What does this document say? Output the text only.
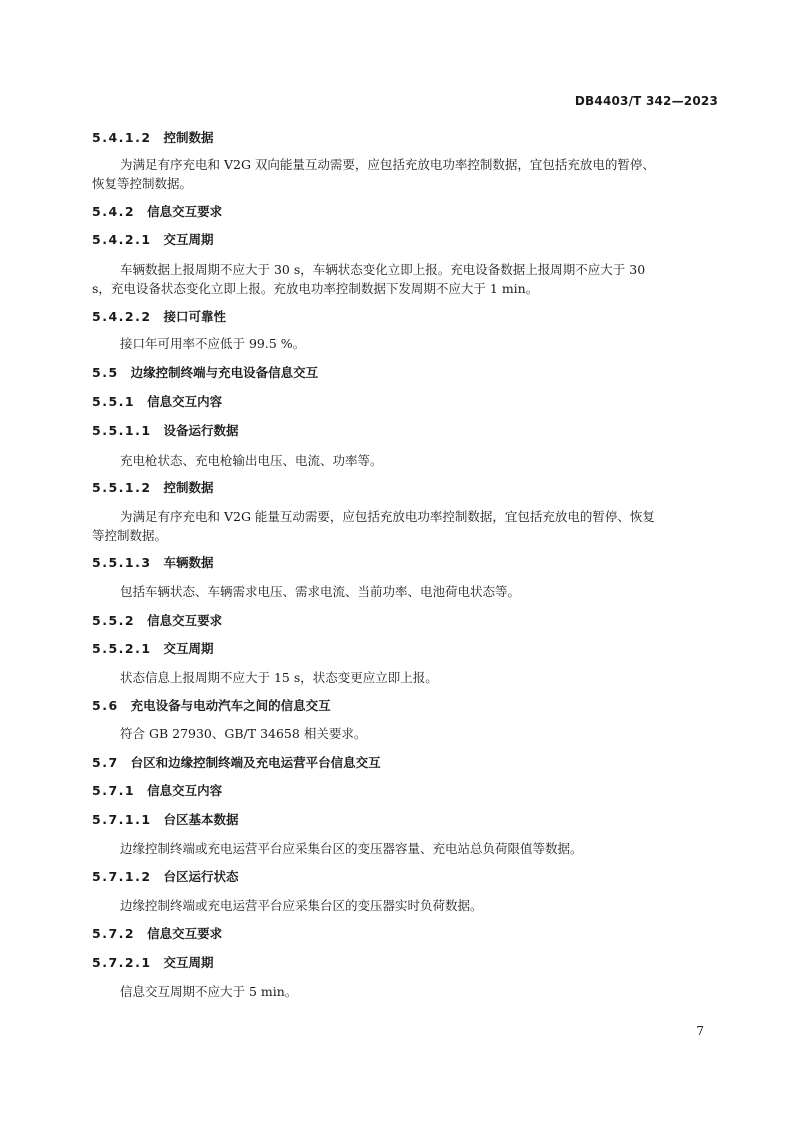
DB4403/T 342—2023
5.4.1.2 控制数据
为满足有序充电和 V2G 双向能量互动需要，应包括充放电功率控制数据，宜包括充放电的暂停、
恢复等控制数据。
5.4.2 信息交互要求
5.4.2.1 交互周期
车辆数据上报周期不应大于 30 s，车辆状态变化立即上报。充电设备数据上报周期不应大于 30
s，充电设备状态变化立即上报。充放电功率控制数据下发周期不应大于 1 min。
5.4.2.2 接口可靠性
接口年可用率不应低于 99.5 %。
5.5 边缘控制终端与充电设备信息交互
5.5.1 信息交互内容
5.5.1.1 设备运行数据
充电枪状态、充电枪输出电压、电流、功率等。
5.5.1.2 控制数据
为满足有序充电和 V2G 能量互动需要，应包括充放电功率控制数据，宜包括充放电的暂停、恢复
等控制数据。
5.5.1.3 车辆数据
包括车辆状态、车辆需求电压、需求电流、当前功率、电池荷电状态等。
5.5.2 信息交互要求
5.5.2.1 交互周期
状态信息上报周期不应大于 15 s，状态变更应立即上报。
5.6 充电设备与电动汽车之间的信息交互
符合 GB 27930、GB/T 34658 相关要求。
5.7 台区和边缘控制终端及充电运营平台信息交互
5.7.1 信息交互内容
5.7.1.1 台区基本数据
边缘控制终端或充电运营平台应采集台区的变压器容量、充电站总负荷限值等数据。
5.7.1.2 台区运行状态
边缘控制终端或充电运营平台应采集台区的变压器实时负荷数据。
5.7.2 信息交互要求
5.7.2.1 交互周期
信息交互周期不应大于 5 min。
7
